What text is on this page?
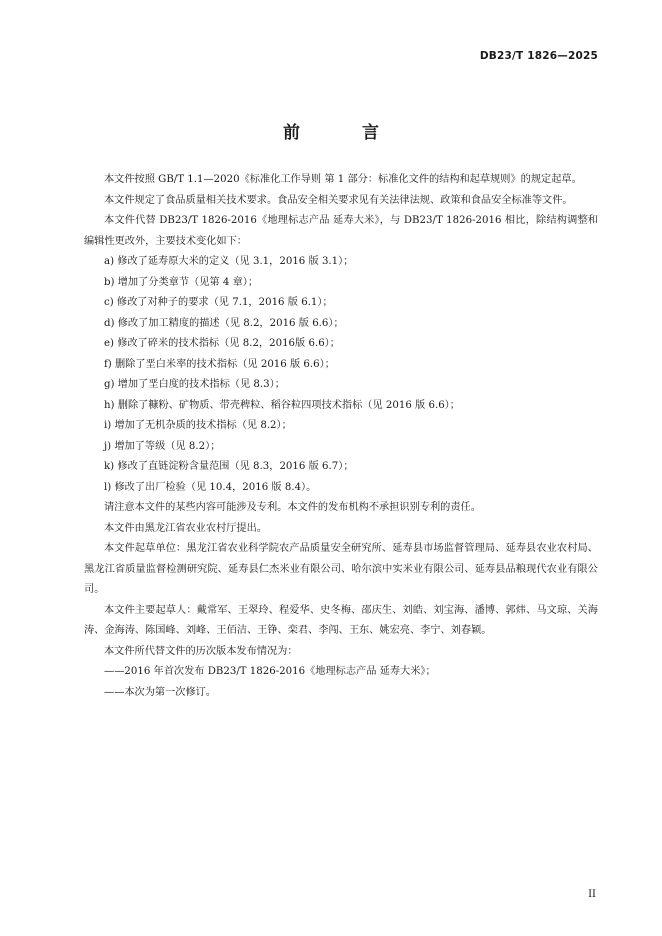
DB23/T 1826—2025
前 言

本文件按照 GB/T 1.1—2020《标准化工作导则 第 1 部分：标准化文件的结构和起草规则》的规定起草。

本文件规定了食品质量相关技术要求。食品安全相关要求见有关法律法规、政策和食品安全标准等文件。

本文件代替 DB23/T 1826-2016《地理标志产品 延寿大米》，与 DB23/T 1826-2016 相比，除结构调整和编辑性更改外，主要技术变化如下：

a) 修改了延寿原大米的定义（见 3.1，2016 版 3.1）；

b) 增加了分类章节（见第 4 章）；

c) 修改了对种子的要求（见 7.1，2016 版 6.1）；

d) 修改了加工精度的描述（见 8.2，2016 版 6.6）；

e) 修改了碎米的技术指标（见 8.2，2016版 6.6）；

f) 删除了垩白米率的技术指标（见 2016 版 6.6）；

g) 增加了垩白度的技术指标（见 8.3）；

h) 删除了糠粉、矿物质、带壳稗粒、稻谷粒四项技术指标（见 2016 版 6.6）；

i) 增加了无机杂质的技术指标（见 8.2）；

j) 增加了等级（见 8.2）；

k) 修改了直链淀粉含量范围（见 8.3，2016 版 6.7）；

l) 修改了出厂检验（见 10.4，2016 版 8.4）。

请注意本文件的某些内容可能涉及专利。本文件的发布机构不承担识别专利的责任。

本文件由黑龙江省农业农村厅提出。

本文件起草单位：黑龙江省农业科学院农产品质量安全研究所、延寿县市场监督管理局、延寿县农业农村局、黑龙江省质量监督检测研究院、延寿县仁杰米业有限公司、哈尔滨中实米业有限公司、延寿县品粮现代农业有限公司。

本文件主要起草人：戴常军、王翠玲、程爱华、史冬梅、邵庆生、刘皓、刘宝海、潘博、郭炜、马文琼、关海涛、金海涛、陈国峰、刘峰、王佰洁、王铮、栾君、李闯、王东、姚宏亮、李宁、刘春颖。

本文件所代替文件的历次版本发布情况为：

——2016 年首次发布 DB23/T 1826-2016《地理标志产品 延寿大米》；

——本次为第一次修订。

II
